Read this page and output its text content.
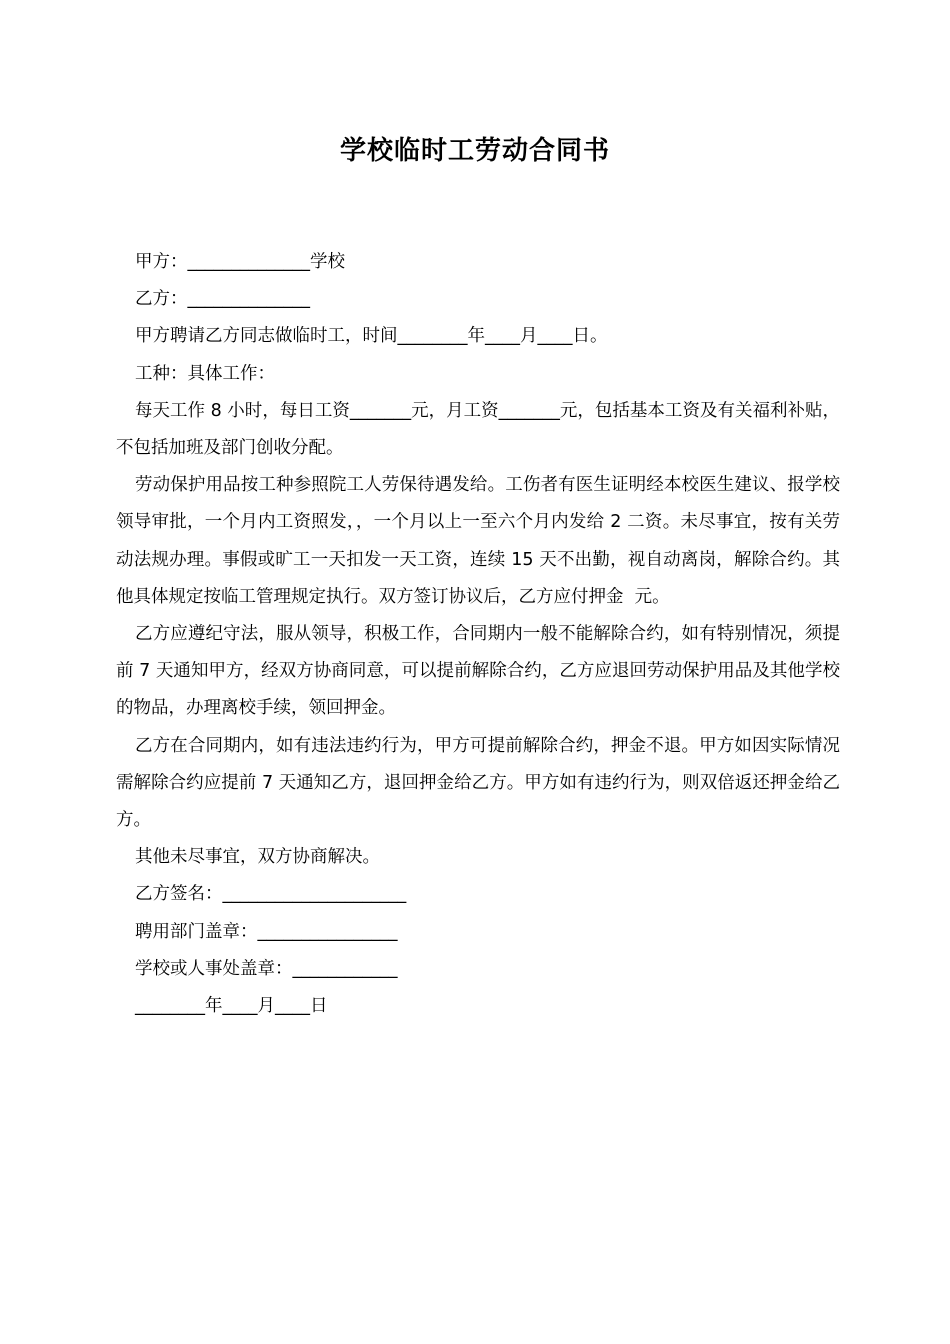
学校临时工劳动合同书

甲方：______________学校

乙方：______________

甲方聘请乙方同志做临时工，时间________年____月____日。

工种：具体工作：

每天工作 8 小时，每日工资_______元，月工资_______元，包括基本工资及有关福利补贴，不包括加班及部门创收分配。

劳动保护用品按工种参照院工人劳保待遇发给。工伤者有医生证明经本校医生建议、报学校领导审批，一个月内工资照发，，一个月以上一至六个月内发给 2 二资。未尽事宜，按有关劳动法规办理。事假或旷工一天扣发一天工资，连续 15 天不出勤，视自动离岗，解除合约。其他具体规定按临工管理规定执行。双方签订协议后，乙方应付押金  元。

乙方应遵纪守法，服从领导，积极工作，合同期内一般不能解除合约，如有特别情况，须提前 7 天通知甲方，经双方协商同意，可以提前解除合约，乙方应退回劳动保护用品及其他学校的物品，办理离校手续，领回押金。

乙方在合同期内，如有违法违约行为，甲方可提前解除合约，押金不退。甲方如因实际情况需解除合约应提前 7 天通知乙方，退回押金给乙方。甲方如有违约行为，则双倍返还押金给乙方。

其他未尽事宜，双方协商解决。

乙方签名：_____________________

聘用部门盖章：________________

学校或人事处盖章：____________

________年____月____日
